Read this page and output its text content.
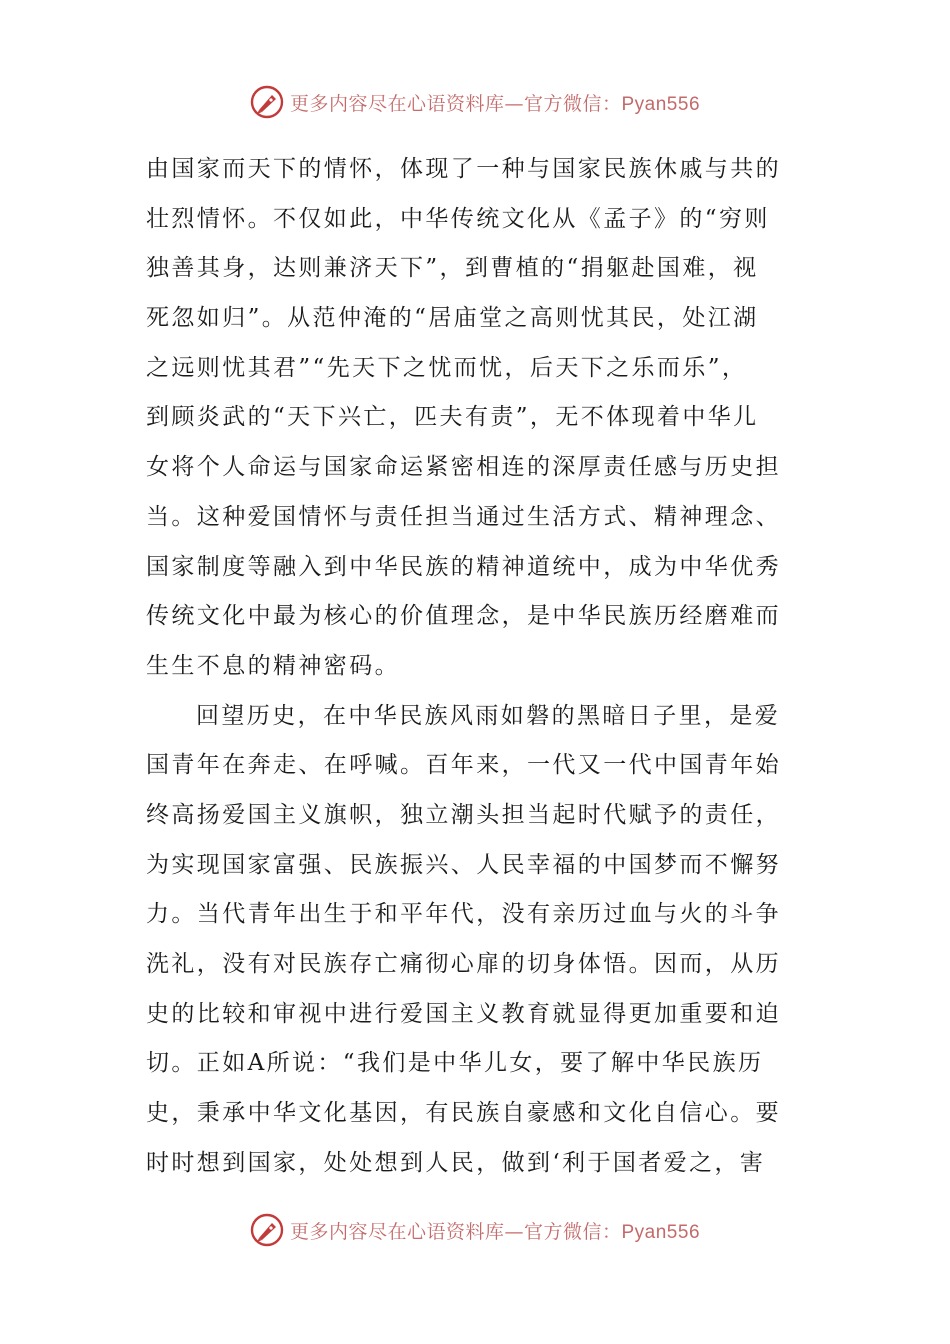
更多内容尽在心语资料库—官方微信：Pyan556
由国家而天下的情怀，体现了一种与国家民族休戚与共的
壮烈情怀。不仅如此，中华传统文化从《孟子》的“穷则
独善其身，达则兼济天下”，到曹植的“捐躯赴国难，视
死忽如归”。从范仲淹的“居庙堂之高则忧其民，处江湖
之远则忧其君”“先天下之忧而忧，后天下之乐而乐”，
到顾炎武的“天下兴亡，匹夫有责”，无不体现着中华儿
女将个人命运与国家命运紧密相连的深厚责任感与历史担
当。这种爱国情怀与责任担当通过生活方式、精神理念、
国家制度等融入到中华民族的精神道统中，成为中华优秀
传统文化中最为核心的价值理念，是中华民族历经磨难而
生生不息的精神密码。
回望历史，在中华民族风雨如磐的黑暗日子里，是爱
国青年在奔走、在呼喊。百年来，一代又一代中国青年始
终高扬爱国主义旗帜，独立潮头担当起时代赋予的责任，
为实现国家富强、民族振兴、人民幸福的中国梦而不懈努
力。当代青年出生于和平年代，没有亲历过血与火的斗争
洗礼，没有对民族存亡痛彻心扉的切身体悟。因而，从历
史的比较和审视中进行爱国主义教育就显得更加重要和迫
切。正如A所说：“我们是中华儿女，要了解中华民族历
史，秉承中华文化基因，有民族自豪感和文化自信心。要
时时想到国家，处处想到人民，做到‘利于国者爱之，害
更多内容尽在心语资料库—官方微信：Pyan556
